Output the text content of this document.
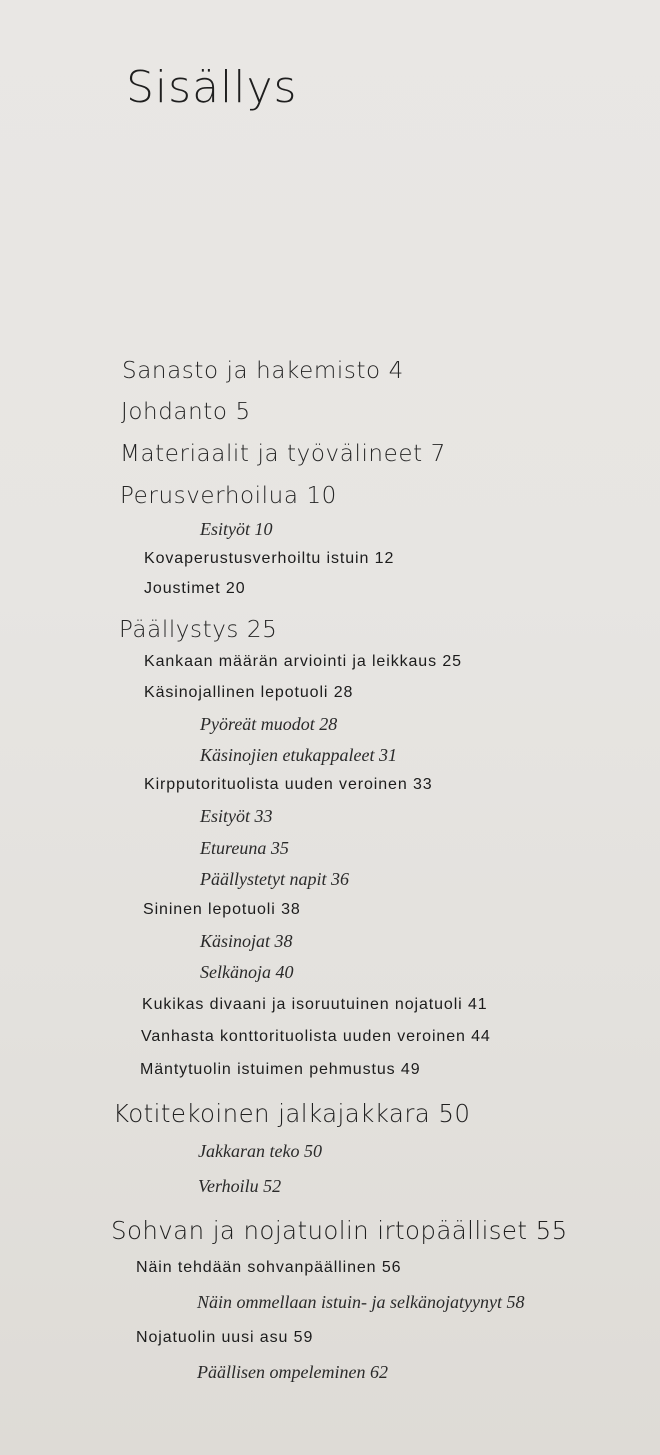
Sisällys
Sanasto ja hakemisto 4
Johdanto 5
Materiaalit ja työvälineet 7
Perusverhoilua 10
Esityöt 10
Kovaperustusverhoiltu istuin 12
Joustimet 20
Päällystys 25
Kankaan määrän arviointi ja leikkaus 25
Käsinojallinen lepotuoli 28
Pyöreät muodot 28
Käsinojien etukappaleet 31
Kirpputorituolista uuden veroinen 33
Esityöt 33
Etureuna 35
Päällystetyt napit 36
Sininen lepotuoli 38
Käsinojat 38
Selkänoja 40
Kukikas divaani ja isoruutuinen nojatuoli 41
Vanhasta konttorituolista uuden veroinen 44
Mäntytuolin istuimen pehmustus 49
Kotitekoinen jalkajakkara 50
Jakkaran teko 50
Verhoilu 52
Sohvan ja nojatuolin irtopäälliset 55
Näin tehdään sohvanpäällinen 56
Näin ommellaan istuin- ja selkänojatyynyt 58
Nojatuolin uusi asu 59
Päällisen ompeleminen 62
